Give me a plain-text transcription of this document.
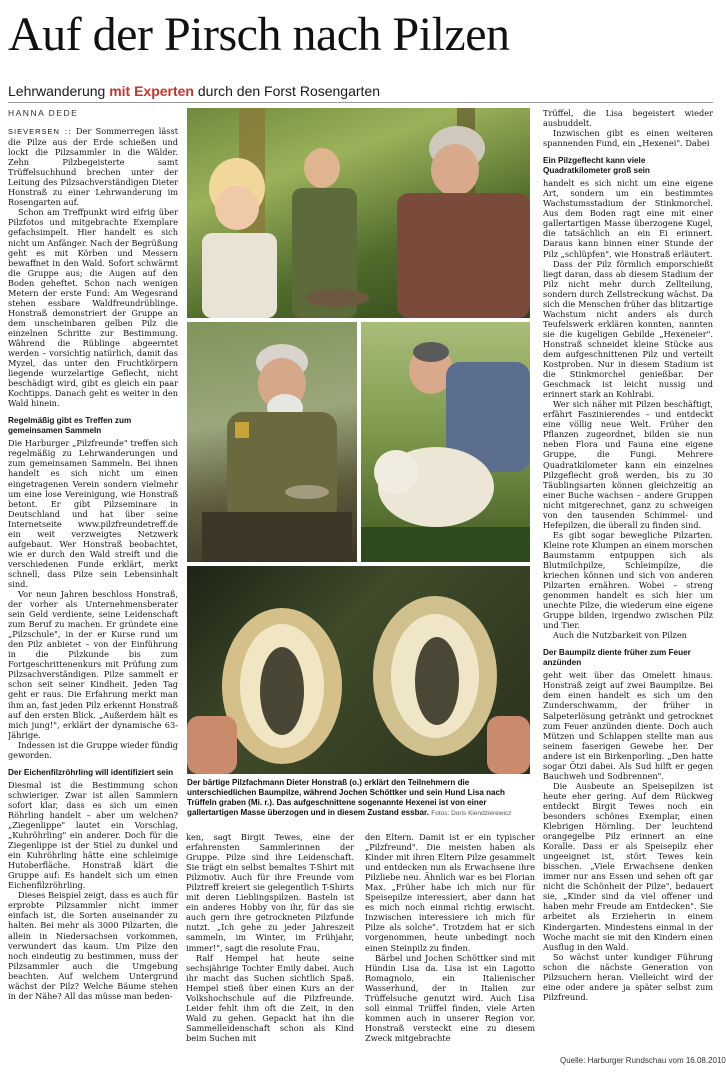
Auf der Pirsch nach Pilzen
Lehrwanderung mit Experten durch den Forst Rosengarten
HANNA DEDE

SIEVERSEN :: Der Sommerregen lässt die Pilze aus der Erde schießen und lockt die Pilzsammler in die Wälder. Zehn Pilzbegeisterte samt Trüffelsuchhund brechen unter der Leitung des Pilzsachverständigen Dieter Honstraß zu einer Lehrwanderung im Rosengarten auf.

Schon am Treffpunkt wird eifrig über Pilzfotos und mitgebrachte Exemplare gefachsimpelt. Hier handelt es sich nicht um Anfänger. Nach der Begrüßung geht es mit Körben und Messern bewaffnet in den Wald. Sofort schwärmt die Gruppe aus; die Augen auf den Boden geheftet. Schon nach wenigen Metern der erste Fund: Am Wegesrand stehen essbare Waldfreundrüblinge. Honstraß demonstriert der Gruppe an dem unscheinbaren gelben Pilz die einzelnen Schritte zur Bestimmung. Während die Rüblinge abgeerntet werden – vorsichtig natürlich, damit das Myzel, das unter den Fruchtkörpern liegende wurzelartige Geflecht, nicht beschädigt wird, gibt es gleich ein paar Kochtipps. Danach geht es weiter in den Wald hinein.

Regelmäßig gibt es Treffen zum gemeinsamen Sammeln

Die Harburger „Pilzfreunde" treffen sich regelmäßig zu Lehrwanderungen und zum gemeinsamen Sammeln. Bei ihnen handelt es sich nicht um einen eingetragenen Verein sondern vielmehr um eine lose Vereinigung, wie Honstraß betont. Er gibt Pilzseminare in Deutschland und hat über seine Internetseite www.pilzfreundetreff.de ein weit verzweigtes Netzwerk aufgebaut. Wer Honstraß beobachtet, wie er durch den Wald streift und die verschiedenen Funde erklärt, merkt schnell, dass Pilze sein Lebensinhalt sind.

Vor neun Jahren beschloss Honstraß, der vorher als Unternehmensberater sein Geld verdiente, seine Leidenschaft zum Beruf zu machen. Er gründete eine „Pilzschule", in der er Kurse rund um den Pilz anbietet – von der Einführung in die Pilzkunde bis zum Fortgeschrittenenkurs mit Prüfung zum Pilzsachverständigen. Pilze sammelt er schon seit seiner Kindheit. Jeden Tag geht er raus. Die Erfahrung merkt man ihm an, fast jeden Pilz erkennt Honstraß auf den ersten Blick. „Außerdem hält es mich jung!", erklärt der dynamische 63-Jährige.

Indessen ist die Gruppe wieder fündig geworden.

Der Eichenfilzröhrling will identifiziert sein

Diesmal ist die Bestimmung schon schwieriger. Zwar ist allen Sammlern sofort klar, dass es sich um einen Röhrling handelt – aber um welchen? „Ziegenlippe" lautet ein Vorschlag, „Kuhröhrling" ein anderer. Doch für die Ziegenlippe ist der Stiel zu dunkel und ein Kuhröhrling hätte eine schleimige Hutoberfläche. Honstraß klärt die Gruppe auf: Es handelt sich um einen Eichenfilzröhrling.

Dieses Beispiel zeigt, dass es auch für erprobte Pilzsammler nicht immer einfach ist, die Sorten auseinander zu halten. Bei mehr als 3000 Pilzarten, die allein in Niedersachsen vorkommen, verwundert das kaum. Um Pilze den noch eindeutig zu bestimmen, muss der Pilzsammler auch die Umgebung beachten. Auf welchem Untergrund wächst der Pilz? Welche Bäume stehen in der Nähe? All das müsse man beden-

Der bärtige Pilzfachmann Dieter Honstraß (o.) erklärt den Teilnehmern die unterschiedlichen Baumpilze, während Jochen Schöttker und sein Hund Lisa nach Trüffeln graben (Mi. r.). Das aufgeschnittene sogenannte Hexenei ist von einer gallertartigen Masse überzogen und in diesem Zustand essbar. Fotos: Doris Kiendzierewicz

ken, sagt Birgit Tewes, eine der erfahrensten Sammlerinnen der Gruppe. Pilze sind ihre Leidenschaft. Sie trägt ein selbst bemaltes T-Shirt mit Pilzmotiv. Auch für ihre Freunde vom Pilztreff kreiert sie gelegentlich T-Shirts mit deren Lieblingspilzen. Basteln ist ein anderes Hobby von ihr, für das sie auch gern ihre getrockneten Pilzfunde nutzt. „Ich gehe zu jeder Jahreszeit sammeln, im Winter, im Frühjahr, immer!", sagt die resolute Frau.

Ralf Hempel hat heute seine sechsjährige Tochter Emily dabei. Auch ihr macht das Suchen sichtlich Spaß. Hempel stieß über einen Kurs an der Volkshochschule auf die Pilzfreunde. Leider fehlt ihm oft die Zeit, in den Wald zu gehen. Gepackt hat ihn die Sammelleidenschaft schon als Kind beim Suchen mit

den Eltern. Damit ist er ein typischer „Pilzfreund". Die meisten haben als Kinder mit ihren Eltern Pilze gesammelt und entdecken nun als Erwachsene ihre Pilzliebe neu. Ähnlich war es bei Florian Max. „Früher habe ich mich nur für Speisepilze interessiert, aber dann hat es mich noch einmal richtig erwischt. Inzwischen interessiere ich mich für Pilze als solche". Trotzdem hat er sich vorgenommen, heute unbedingt noch einen Steinpilz zu finden.

Bärbel und Jochen Schöttker sind mit Hündin Lisa da. Lisa ist ein Lagotto Romagnolo, ein Italienischer Wasserhund, der in Italien zur Trüffelsuche genutzt wird. Auch Lisa soll einmal Trüffel finden, viele Arten kommen auch in unserer Region vor. Honstraß versteckt eine zu diesem Zweck mitgebrachte

Trüffel, die Lisa begeistert wieder ausbuddelt.

Inzwischen gibt es einen weiteren spannenden Fund, ein „Hexenei". Dabei

Ein Pilzgeflecht kann viele Quadratkilometer groß sein

handelt es sich nicht um eine eigene Art, sondern um ein bestimmtes Wachstumsstadium der Stinkmorchel. Aus dem Boden ragt eine mit einer gallertartigen Masse überzogene Kugel, die tatsächlich an ein Ei erinnert. Daraus kann binnen einer Stunde der Pilz „schlüpfen", wie Honstraß erläutert.

Dass der Pilz förmlich emporschießt liegt daran, dass ab diesem Stadium der Pilz nicht mehr durch Zellteilung, sondern durch Zellstreckung wächst. Da sich die Menschen früher das blitzartige Wachstum nicht anders als durch Teufelswerk erklären konnten, nannten sie die kugeligen Gebilde „Hexeneier". Honstraß schneidet kleine Stücke aus dem aufgeschnittenen Pilz und verteilt Kostproben. Nur in diesem Stadium ist die Stinkmorchel genießbar. Der Geschmack ist leicht nussig und erinnert stark an Kohlrabi.

Wer sich näher mit Pilzen beschäftigt, erfährt Faszinierendes – und entdeckt eine völlig neue Welt. Früher den Pflanzen zugeordnet, bilden sie nun neben Flora und Fauna eine eigene Gruppe, die Fungi. Mehrere Quadratkilometer kann ein einzelnes Pilzgeflecht groß werden, bis zu 30 Täublingsarten können gleichzeitig an einer Buche wachsen – andere Gruppen nicht mitgerechnet, ganz zu schweigen von den tausenden Schimmel- und Hefepilzen, die überall zu finden sind.

Es gibt sogar bewegliche Pilzarten. Kleine rote Klumpen an einem morschen Baumstamm entpuppen sich als Blutmilchpilze, Schleimpilze, die kriechen können und sich von anderen Pilzarten ernähren. Wobei – streng genommen handelt es sich hier um unechte Pilze, die wiederum eine eigene Gruppe bilden, irgendwo zwischen Pilz und Tier.

Auch die Nutzbarkeit von Pilzen

Der Baumpilz diente früher zum Feuer anzünden

geht weit über das Omelett hinaus. Honstraß zeigt auf zwei Baumpilze. Bei dem einen handelt es sich um den Zunderschwamm, der früher in Salpeterlösung getränkt und getrocknet zum Feuer anzünden diente. Doch auch Mützen und Schlappen stellte man aus seinem faserigen Gewebe her. Der andere ist ein Birkenporling. „Den hatte sogar Ötzi dabei. Als Sud hilft er gegen Bauchweh und Sodbrennen".

Die Ausbeute an Speisepilzen ist heute eher gering. Auf dem Rückweg entdeckt Birgit Tewes noch ein besonders schönes Exemplar, einen Klebrigen Hörnling. Der leuchtend orangegelbe Pilz erinnert an eine Koralle. Dass er als Speisepilz eher ungeeignet ist, stört Tewes kein bisschen. „Viele Erwachsene denken immer nur ans Essen und sehen oft gar nicht die Schönheit der Pilze", bedauert sie, „Kinder sind da viel offener und haben mehr Freude am Entdecken". Sie arbeitet als Erzieherin in einem Kindergarten. Mindestens einmal in der Woche macht sie mit den Kindern einen Ausflug in den Wald.

So wächst unter kundiger Führung schon die nächste Generation von Pilzsuchern heran. Vielleicht wird der eine oder andere ja später selbst zum Pilzfreund.

Quelle: Harburger Rundschau vom 16.08.2010
